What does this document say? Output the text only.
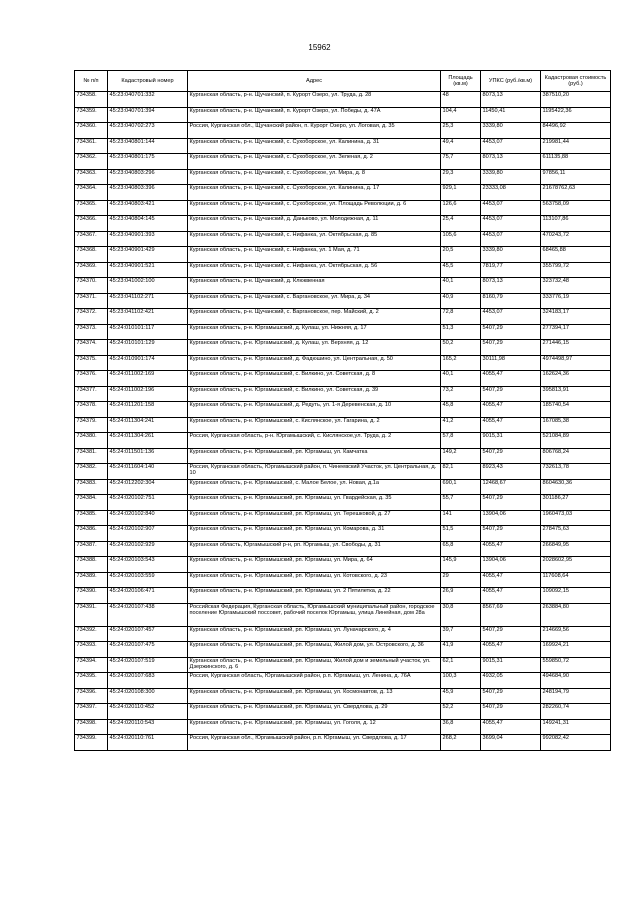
15962
№ п/п	Кадастровый номер	Адрес	Площадь (кв.м)	УПКС (руб./кв.м)	Кадастровая стоимость (руб.)
734358.	45:23:040701:332	Курганская область, р-н. Щучанский, п. Курорт Озеро, ул. Труда, д. 28	48	8073,13	387510,20
734359.	45:23:040701:394	Курганская область, р-н. Щучанский, п. Курорт Озеро, ул. Победы, д. 47А	104,4	11450,41	1195422,36
734360.	45:23:040702:273	Россия, Курганская обл., Щучанский район, п. Курорт Озеро, ул. Логовая, д. 35	25,3	3339,80	84496,92
734361.	45:23:040801:144	Курганская область, р-н. Щучанский, с. Сухоборское, ул. Калинина, д. 31	49,4	4453,07	219981,44
734362.	45:23:040801:175	Курганская область, р-н. Щучанский, с. Сухоборское, ул. Зеленая, д. 2	75,7	8073,13	611135,88
734363.	45:23:040803:296	Курганская область, р-н. Щучанский, с. Сухоборское, ул. Мира, д. 8	29,3	3339,80	97856,11
734364.	45:23:040803:396	Курганская область, р-н. Щучанский, с. Сухоборское, ул. Калинина, д. 17	929,1	23333,08	21678762,63
734365.	45:23:040803:421	Курганская область, р-н. Щучанский, с. Сухоборское, ул. Площадь Революции, д. 6	126,6	4453,07	563758,09
734366.	45:23:040804:145	Курганская область, р-н. Щучанский, д. Даньково, ул. Молодежная, д. 11	25,4	4453,07	113107,86
734367.	45:23:040901:393	Курганская область, р-н. Щучанский, с. Нифанка, ул. Октябрьская, д. 85	105,6	4453,07	470243,72
734368.	45:23:040901:429	Курганская область, р-н. Щучанский, с. Нифанка, ул. 1 Мая, д. 71	20,5	3339,80	68465,88
734369.	45:23:040901:521	Курганская область, р-н. Щучанский, с. Нифанка, ул. Октябрьская, д. 56	45,5	7819,77	355799,72
734370.	45:23:041002:100	Курганская область, р-н. Щучанский, д. Клюквенная	40,1	8073,13	323732,48
734371.	45:23:041102:271	Курганская область, р-н. Щучанский, с. Варгановское, ул. Мира, д. 34	40,9	8160,79	333776,19
734372.	45:23:041102:421	Курганская область, р-н. Щучанский, с. Варгановское, пер. Майский, д. 2	72,8	4453,07	324183,17
734373.	45:24:010101:117	Курганская область, р-н. Юргамышский, д. Кулаш, ул. Нижняя, д. 17	51,3	5407,29	277394,17
734374.	45:24:010101:129	Курганская область, р-н. Юргамышский, д. Кулаш, ул. Верхняя, д. 12	50,2	5407,29	271446,15
734375.	45:24:010901:174	Курганская область, р-н. Юргамышский, д. Фадюшино, ул. Центральная, д. 50	165,2	30111,98	4974498,97
734376.	45:24:011002:169	Курганская область, р-н. Юргамышский, с. Вилкино, ул. Советская, д. 8	40,1	4055,47	162624,36
734377.	45:24:011002:196	Курганская область, р-н. Юргамышский, с. Вилкино, ул. Советская, д. 39	73,2	5407,29	395813,91
734378.	45:24:011201:158	Курганская область, р-н. Юргамышский, д. Редуть, ул. 1-я Деревенская, д. 10	45,8	4055,47	185740,54
734379.	45:24:011304:241	Курганская область, р-н. Юргамышский, с. Кислянское, ул. Гагарина, д. 2	41,2	4055,47	167085,38
734380.	45:24:011304:261	Россия, Курганская область, р-н. Юргамышский, с. Кислянское,ул. Труда, д. 2	57,8	9015,31	521084,89
734381.	45:24:011501:136	Курганская область, р-н. Юргамышский, рп. Юргамыш, ул. Камчатка	149,2	5407,29	806768,24
734382.	45:24:011604:140	Россия, Курганская область, Юргамышский район, п. Чинеевский Участок, ул. Центральная, д. 10	82,1	8923,43	732613,78
734383.	45:24:012202:304	Курганская область, р-н. Юргамышский, с. Малое Белое, ул. Новая, д.1а	690,1	12468,67	8604630,36
734384.	45:24:020102:751	Курганская область, р-н. Юргамышский, рп. Юргамыш, ул. Гвардейская, д. 35	55,7	5407,29	301186,27
734385.	45:24:020102:840	Курганская область, р-н. Юргамышский, рп. Юргамыш, ул. Терешковой, д. 27	141	13904,06	1960473,03
734386.	45:24:020102:907	Курганская область, р-н. Юргамышский, рп. Юргамыш, ул. Комарова, д. 31	51,5	5407,29	278475,63
734387.	45:24:020102:929	Курганская область, Юргамышский р-н, рп. Юргамыш, ул. Свободы, д. 31	65,8	4055,47	266849,95
734388.	45:24:020103:543	Курганская область, р-н. Юргамышский, рп. Юргамыш, ул. Мира, д. 64	145,9	13904,06	2028602,95
734389.	45:24:020103:559	Курганская область, р-н. Юргамышский, рп. Юргамыш, ул. Котовского, д. 23	29	4055,47	117608,64
734390.	45:24:020106:471	Курганская область, р-н. Юргамышский, рп. Юргамыш, ул. 2 Пятилетка, д. 22	26,9	4055,47	109092,15
734391.	45:24:020107:438	Российская Федерация, Курганская область, Юргамышский муниципальный район, городское поселение Юргамышский поссовет, рабочий поселок Юргамыш, улица Линейная, дом 28а	30,8	8567,69	263884,80
734392.	45:24:020107:457	Курганская область, р-н. Юргамышский, рп. Юргамыш, ул. Луначарского, д. 4	39,7	5407,29	214669,56
734393.	45:24:020107:475	Курганская область, р-н. Юргамышский, рп. Юргамыш, Жилой дом, ул. Островского, д. 36	41,9	4055,47	169924,21
734394.	45:24:020107:519	Курганская область, р-н. Юргамышский, рп. Юргамыш, Жилой дом и земельный участок, ул. Дзержинского, д. 6	62,1	9015,31	559850,72
734395.	45:24:020107:683	Россия, Курганская область, Юргамышский район, р.п. Юргамыш, ул. Ленина, д. 76А	100,3	4932,05	494684,90
734396.	45:24:020108:300	Курганская область, р-н. Юргамышский, рп. Юргамыш, ул. Космонавтов, д. 13	45,9	5407,29	248194,79
734397.	45:24:020110:452	Курганская область, р-н. Юргамышский, рп. Юргамыш, ул. Свердлова, д. 29	52,2	5407,29	282260,74
734398.	45:24:020110:543	Курганская область, р-н. Юргамышский, рп. Юргамыш, ул. Гоголя, д. 12	36,8	4055,47	149241,31
734399.	45:24:020110:761	Россия, Курганская обл., Юргамышский район, р.п. Юргамыш, ул. Свердлова, д. 17	268,2	3699,04	992082,42
